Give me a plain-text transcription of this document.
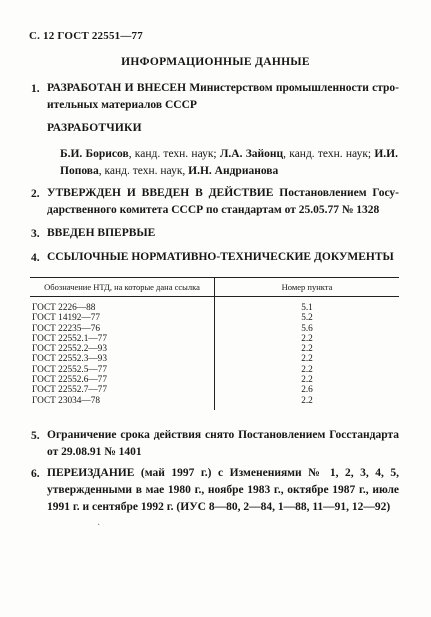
С. 12 ГОСТ 22551—77
ИНФОРМАЦИОННЫЕ ДАННЫЕ
1. РАЗРАБОТАН И ВНЕСЕН Министерством промышленности стро-ительных материалов СССР
РАЗРАБОТЧИКИ
Б.И. Борисов, канд. техн. наук; Л.А. Зайонц, канд. техн. наук; И.И. Попова, канд. техн. наук, И.Н. Андрианова
2. УТВЕРЖДЕН И ВВЕДЕН В ДЕЙСТВИЕ Постановлением Госу-дарственного комитета СССР по стандартам от 25.05.77 № 1328
3. ВВЕДЕН ВПЕРВЫЕ
4. ССЫЛОЧНЫЕ НОРМАТИВНО-ТЕХНИЧЕСКИЕ ДОКУМЕНТЫ
Обозначение НТД, на которые дана ссылка	Номер пункта
ГОСТ 2226—88	5.1
ГОСТ 14192—77	5.2
ГОСТ 22235—76	5.6
ГОСТ 22552.1—77	2.2
ГОСТ 22552.2—93	2.2
ГОСТ 22552.3—93	2.2
ГОСТ 22552.5—77	2.2
ГОСТ 22552.6—77	2.2
ГОСТ 22552.7—77	2.6
ГОСТ 23034—78	2.2
5. Ограничение срока действия снято Постановлением Госстандарта от 29.08.91 № 1401
6. ПЕРЕИЗДАНИЕ (май 1997 г.) с Изменениями № 1, 2, 3, 4, 5, утвержденными в мае 1980 г., ноябре 1983 г., октябре 1987 г., июле 1991 г. и сентябре 1992 г. (ИУС 8—80, 2—84, 1—88, 11—91, 12—92)
·
